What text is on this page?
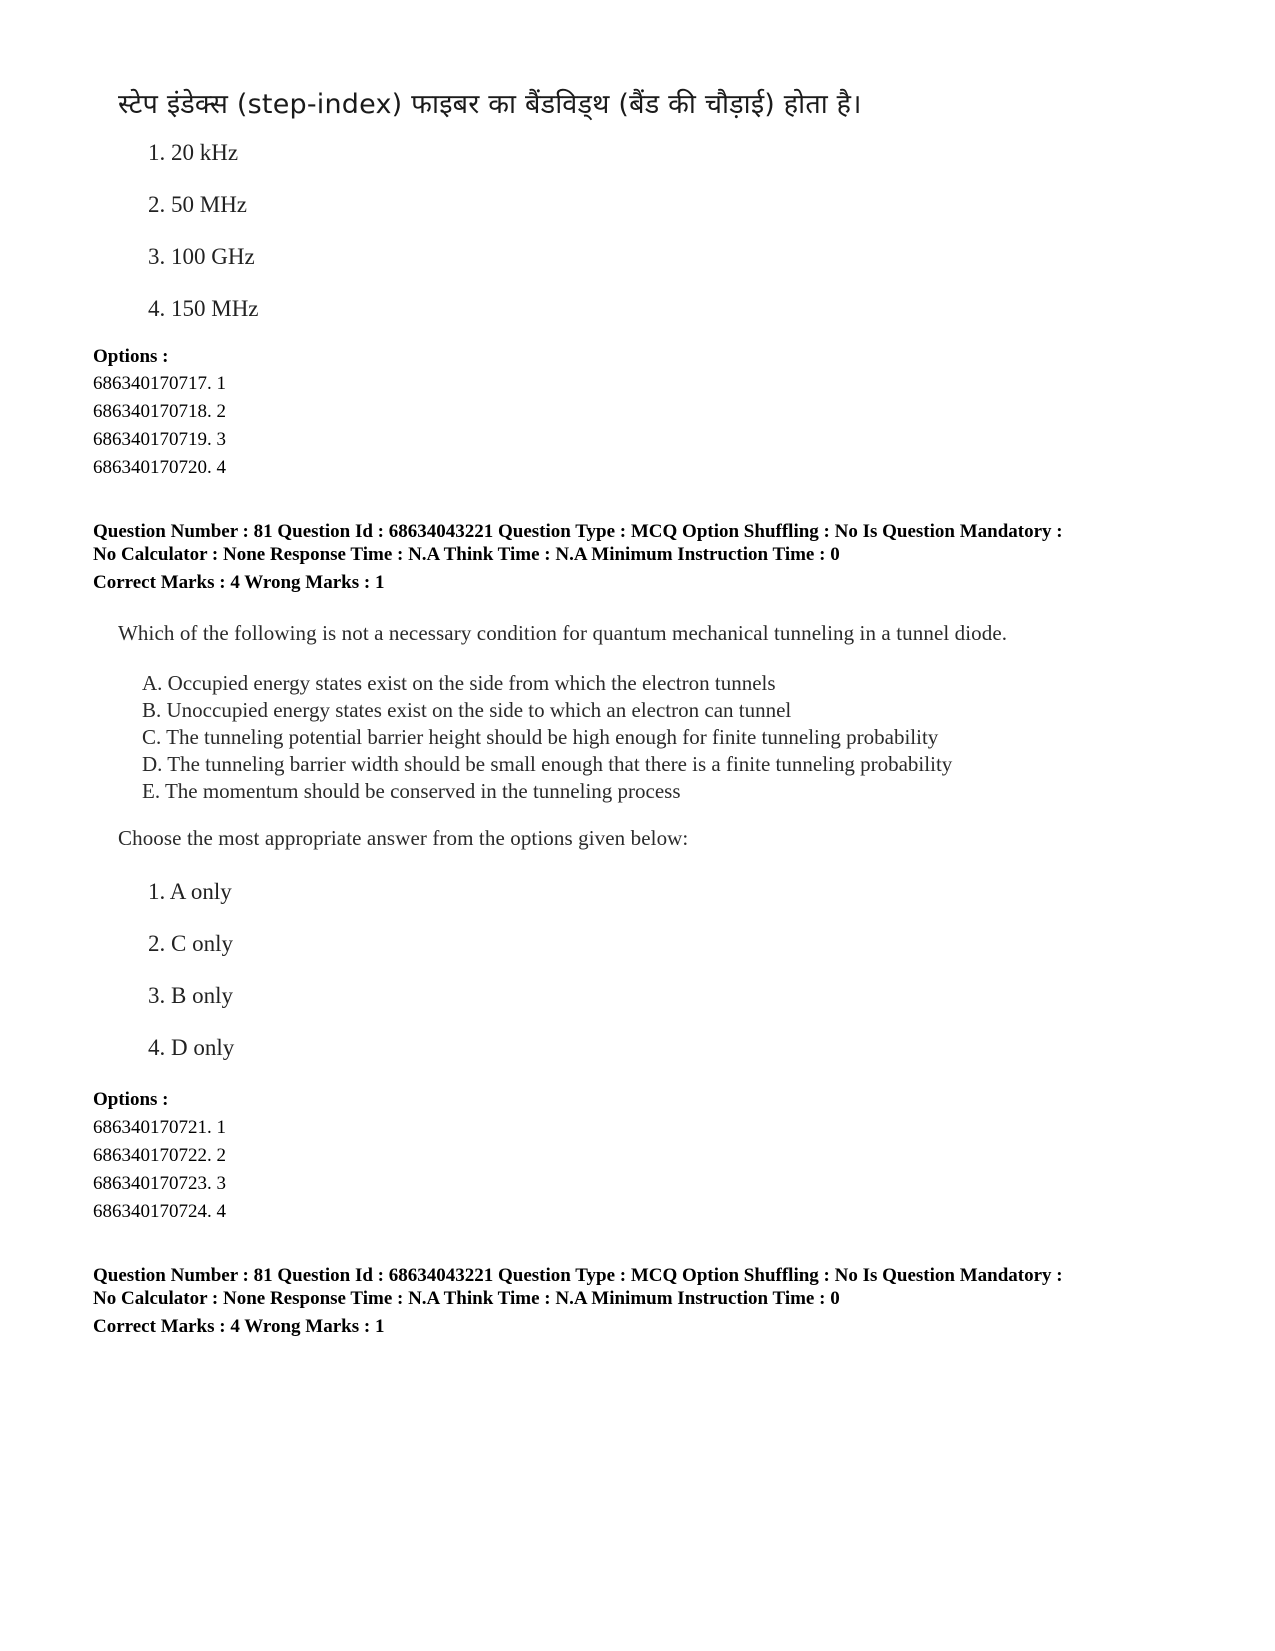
स्टेप इंडेक्स (step-index) फाइबर का बैंडविड्थ (बैंड की चौड़ाई) होता है।
1. 20 kHz
2. 50 MHz
3. 100 GHz
4. 150 MHz
Options :
686340170717. 1
686340170718. 2
686340170719. 3
686340170720. 4
Question Number : 81 Question Id : 68634043221 Question Type : MCQ Option Shuffling : No Is Question Mandatory :
No Calculator : None Response Time : N.A Think Time : N.A Minimum Instruction Time : 0
Correct Marks : 4 Wrong Marks : 1
Which of the following is not a necessary condition for quantum mechanical tunneling in a tunnel diode.
A. Occupied energy states exist on the side from which the electron tunnels
B. Unoccupied energy states exist on the side to which an electron can tunnel
C. The tunneling potential barrier height should be high enough for finite tunneling probability
D. The tunneling barrier width should be small enough that there is a finite tunneling probability
E. The momentum should be conserved in the tunneling process
Choose the most appropriate answer from the options given below:
1. A only
2. C only
3. B only
4. D only
Options :
686340170721. 1
686340170722. 2
686340170723. 3
686340170724. 4
Question Number : 81 Question Id : 68634043221 Question Type : MCQ Option Shuffling : No Is Question Mandatory :
No Calculator : None Response Time : N.A Think Time : N.A Minimum Instruction Time : 0
Correct Marks : 4 Wrong Marks : 1
